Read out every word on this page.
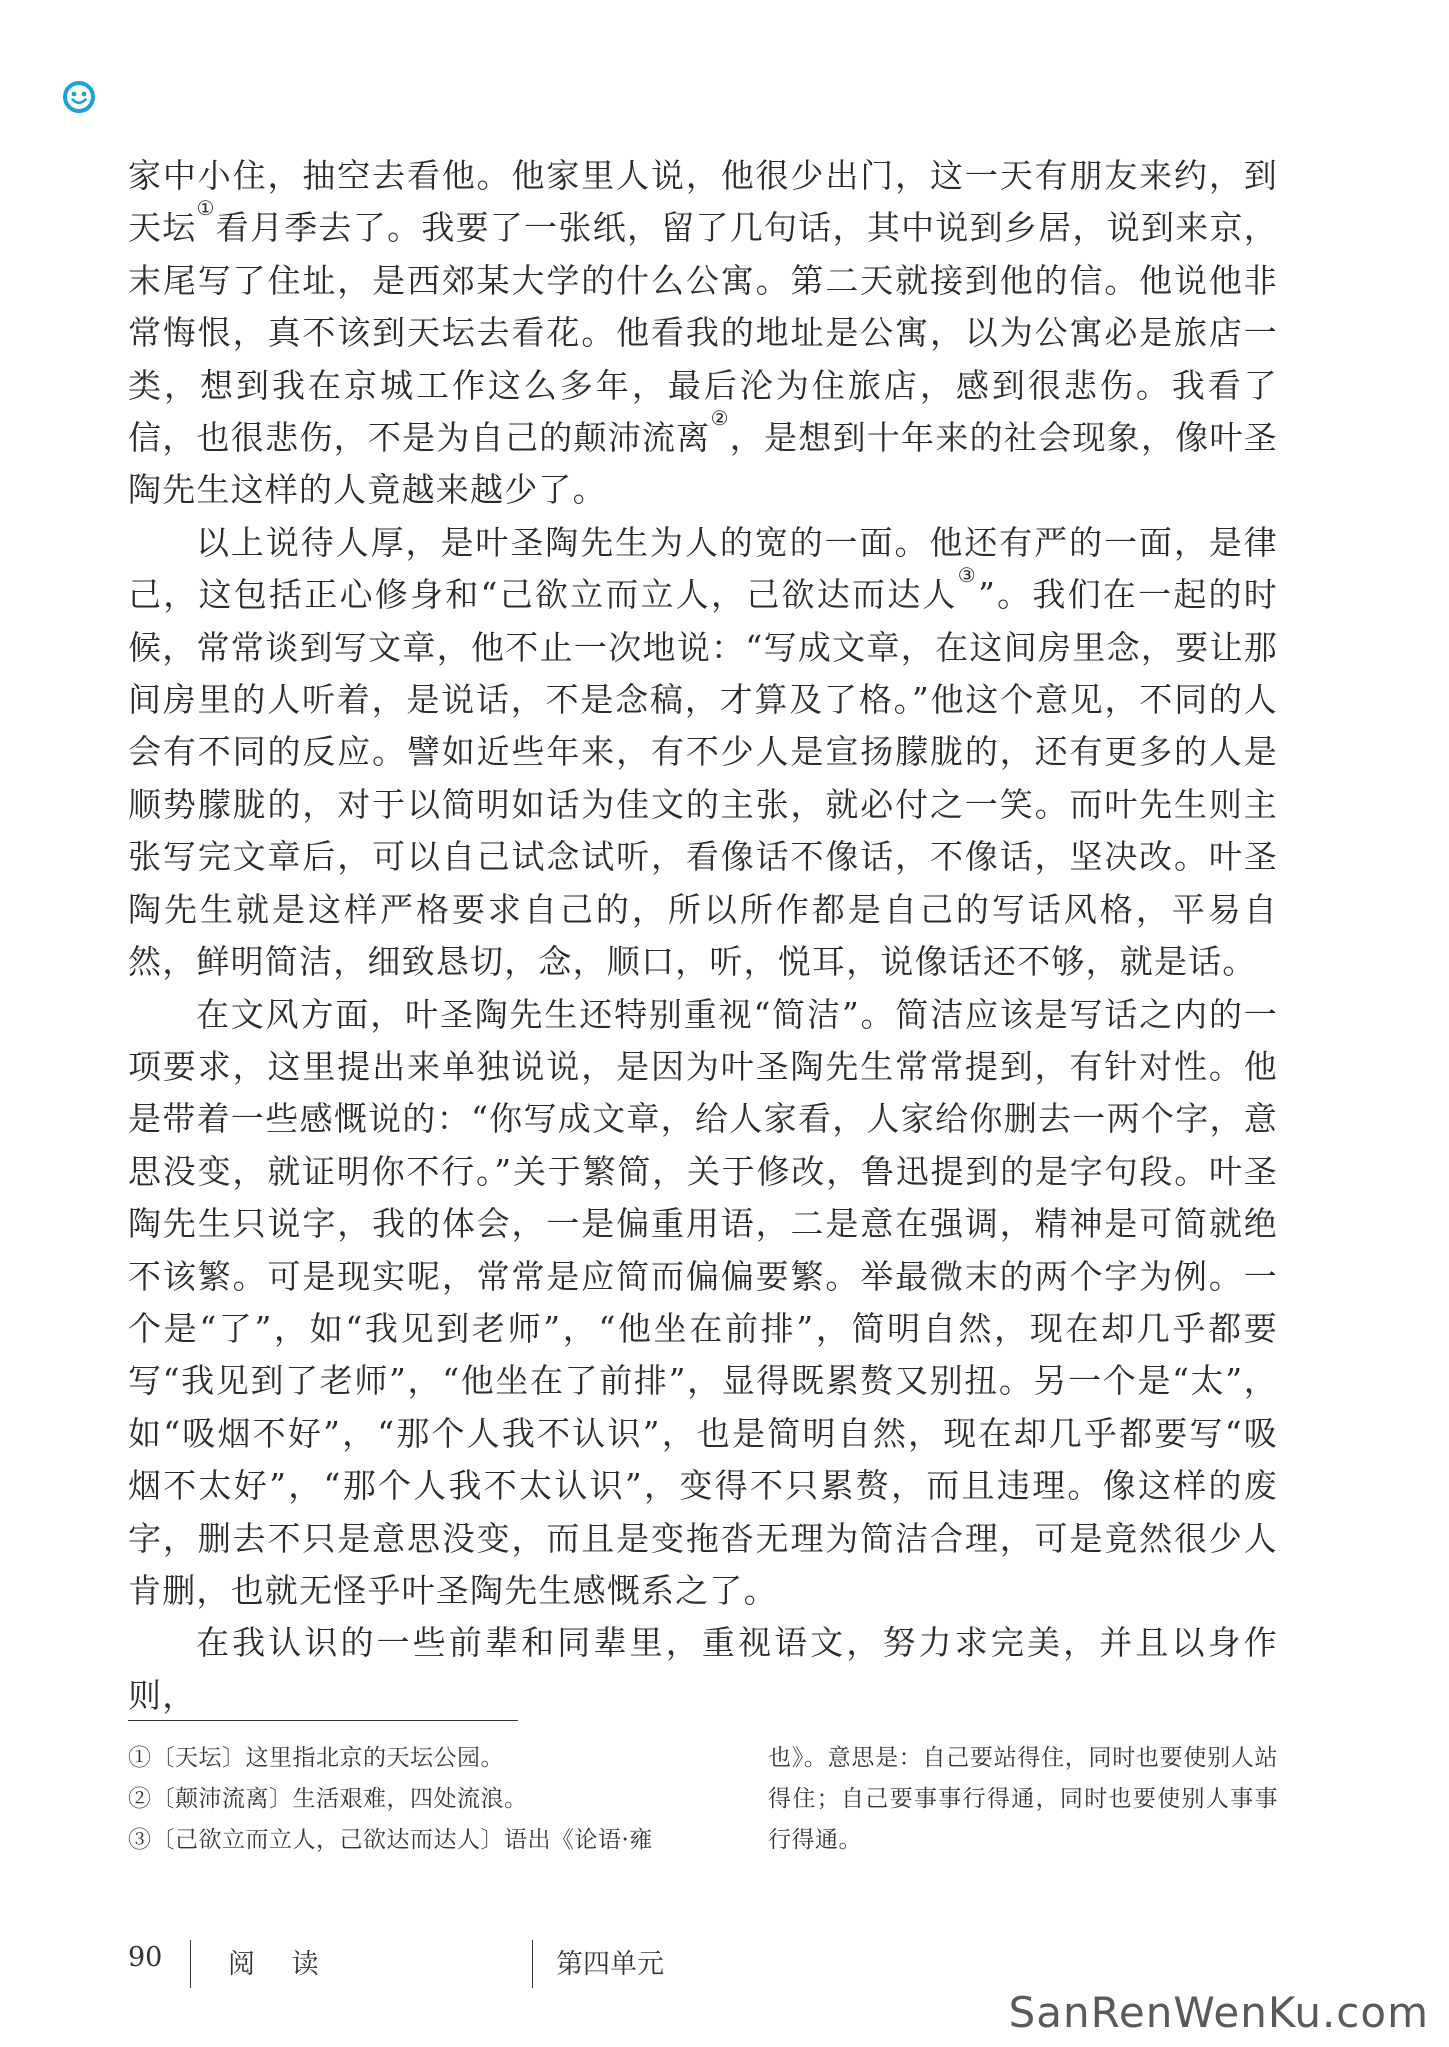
家中小住，抽空去看他。他家里人说，他很少出门，这一天有朋友来约，到天坛①看月季去了。我要了一张纸，留了几句话，其中说到乡居，说到来京，末尾写了住址，是西郊某大学的什么公寓。第二天就接到他的信。他说他非常悔恨，真不该到天坛去看花。他看我的地址是公寓，以为公寓必是旅店一类，想到我在京城工作这么多年，最后沦为住旅店，感到很悲伤。我看了信，也很悲伤，不是为自己的颠沛流离②，是想到十年来的社会现象，像叶圣陶先生这样的人竟越来越少了。

以上说待人厚，是叶圣陶先生为人的宽的一面。他还有严的一面，是律己，这包括正心修身和“己欲立而立人，己欲达而达人③”。我们在一起的时候，常常谈到写文章，他不止一次地说：“写成文章，在这间房里念，要让那间房里的人听着，是说话，不是念稿，才算及了格。”他这个意见，不同的人会有不同的反应。譬如近些年来，有不少人是宣扬朦胧的，还有更多的人是顺势朦胧的，对于以简明如话为佳文的主张，就必付之一笑。而叶先生则主张写完文章后，可以自己试念试听，看像话不像话，不像话，坚决改。叶圣陶先生就是这样严格要求自己的，所以所作都是自己的写话风格，平易自然，鲜明简洁，细致恳切，念，顺口，听，悦耳，说像话还不够，就是话。

在文风方面，叶圣陶先生还特别重视“简洁”。简洁应该是写话之内的一项要求，这里提出来单独说说，是因为叶圣陶先生常常提到，有针对性。他是带着一些感慨说的：“你写成文章，给人家看，人家给你删去一两个字，意思没变，就证明你不行。”关于繁简，关于修改，鲁迅提到的是字句段。叶圣陶先生只说字，我的体会，一是偏重用语，二是意在强调，精神是可简就绝不该繁。可是现实呢，常常是应简而偏偏要繁。举最微末的两个字为例。一个是“了”，如“我见到老师”，“他坐在前排”，简明自然，现在却几乎都要写“我见到了老师”，“他坐在了前排”，显得既累赘又别扭。另一个是“太”，如“吸烟不好”，“那个人我不认识”，也是简明自然，现在却几乎都要写“吸烟不太好”，“那个人我不太认识”，变得不只累赘，而且违理。像这样的废字，删去不只是意思没变，而且是变拖沓无理为简洁合理，可是竟然很少人肯删，也就无怪乎叶圣陶先生感慨系之了。

在我认识的一些前辈和同辈里，重视语文，努力求完美，并且以身作则，

①〔天坛〕这里指北京的天坛公园。

②〔颠沛流离〕生活艰难，四处流浪。

③〔己欲立而立人，己欲达而达人〕语出《论语·雍

也》。意思是：自己要站得住，同时也要使别人站得住；自己要事事行得通，同时也要使别人事事行得通。

90 阅 读	第四单元
SanRenWenKu.com
